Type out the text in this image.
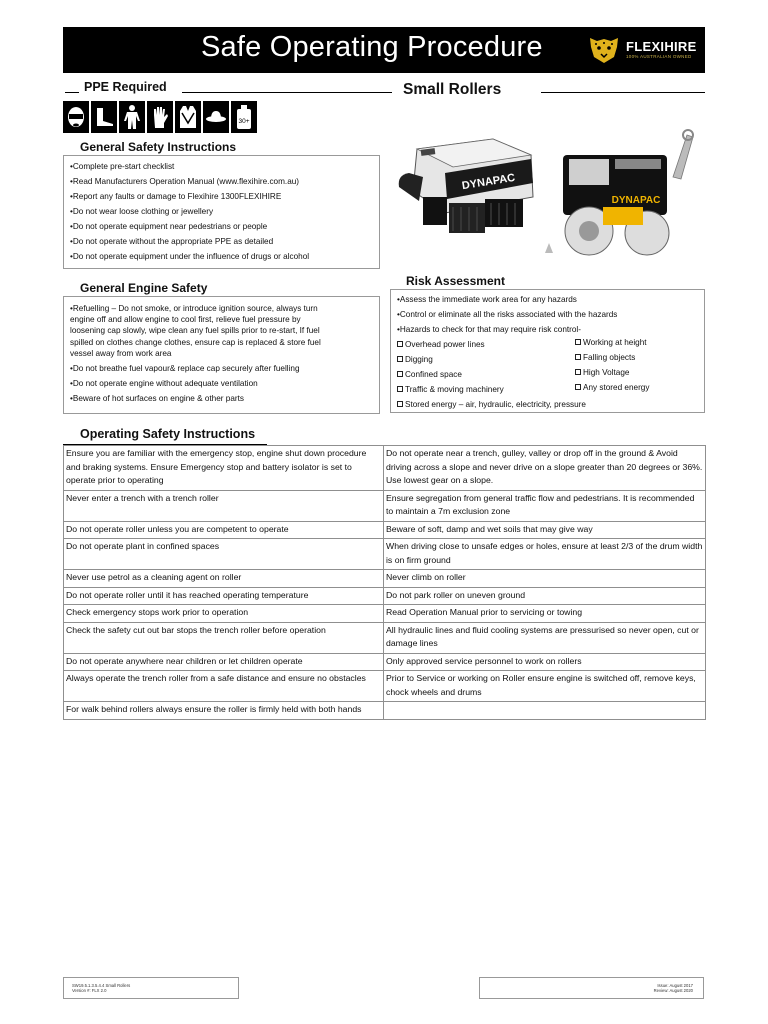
Safe Operating Procedure	FLEXIHIRE
100% AUSTRALIAN OWNED
PPE Required
30+
Small Rollers
General Safety Instructions
•Complete pre-start checklist
•Read Manufacturers Operation Manual (www.flexihire.com.au)
•Report any faults or damage to Flexihire 1300FLEXIHIRE
•Do not wear loose clothing or jewellery
•Do not operate equipment near pedestrians or people
•Do not operate without the appropriate PPE as detailed
•Do not operate equipment under the influence of drugs or alcohol
DYNAPAC
DYNAPAC
General Engine Safety
•Refuelling – Do not smoke, or introduce ignition source, always turn
engine off and allow engine to cool first, relieve fuel pressure by
loosening cap slowly, wipe clean any fuel spills prior to re-start, If fuel
spilled on clothes change clothes, ensure cap is replaced & store fuel
vessel away from work area
•Do not breathe fuel vapour& replace cap securely after fuelling
•Do not operate engine without adequate ventilation
•Beware of hot surfaces on engine & other parts
Risk Assessment
•Assess the immediate work area for any hazards
•Control or eliminate all the risks associated with the hazards
•Hazards to check for that may require risk control-
Overhead power lines
Digging
Confined space
Traffic & moving machinery
Stored energy – air, hydraulic, electricity, pressure
Working at height
Falling objects
High Voltage
Any stored energy
Operating Safety Instructions
Ensure you are familiar with the emergency stop, engine shut down procedure and braking systems. Ensure Emergency stop and battery isolator is set to operate prior to operating	Do not operate near a trench, gulley, valley or drop off in the ground & Avoid driving across a slope and never drive on a slope greater than 20 degrees or 36%. Use lowest gear on a slope.
Never enter a trench with a trench roller	Ensure segregation from general traffic flow and pedestrians. It is recommended to maintain a 7m exclusion zone
Do not operate roller unless you are competent to operate	Beware of soft, damp and wet soils that may give way
Do not operate plant in confined spaces	When driving close to unsafe edges or holes, ensure at least 2/3 of the drum width is on firm ground
Never use petrol as a cleaning agent on roller	Never climb on roller
Do not operate roller until it has reached operating temperature	Do not park roller on uneven ground
Check emergency stops work prior to operation	Read Operation Manual prior to servicing or towing
Check the safety cut out bar stops the trench roller before operation	All hydraulic lines and fluid cooling systems are pressurised so never open, cut or damage lines
Do not operate anywhere near children or let children operate	Only approved service personnel to work on rollers
Always operate the trench roller from a safe distance and ensure no obstacles	Prior to Service or working on Roller ensure engine is switched off, remove keys, chock wheels and drums
For walk behind rollers always ensure the roller is firmly held with both hands	
SW19.5.1.3.5.4.4 Small Rollers
Version #: FLX 2.0
Issue: August 2017
Review: August 2020
